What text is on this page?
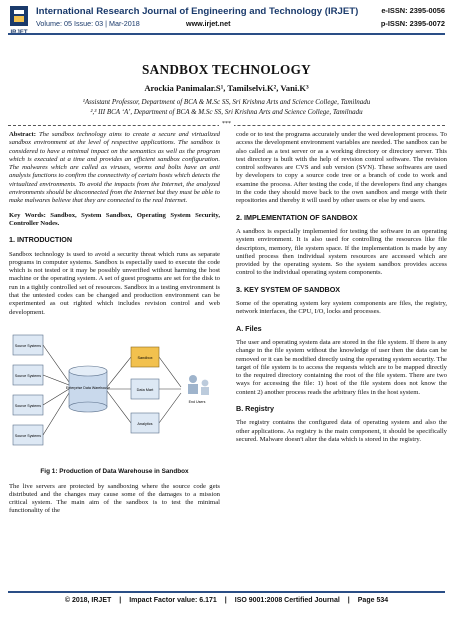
International Research Journal of Engineering and Technology (IRJET)
Volume: 05 Issue: 03 | Mar-2018	www.irjet.net
e-ISSN: 2395-0056
p-ISSN: 2395-0072
SANDBOX TECHNOLOGY
Arockia Panimalar.S¹, Tamilselvi.K², Vani.K³
¹Assistant Professor, Department of BCA & M.Sc SS, Sri Krishna Arts and Science College, Tamilnadu
²,³ III BCA ‘A’, Department of BCA & M.Sc SS, Sri Krishna Arts and Science College, Tamilnadu
***

Abstract: The sandbox technology aims to create a secure and virtualized sandbox environment at the level of respective applications. The sandbox is considered to have a minimal impact on the semantics as well as the program which is executed at a time and provides an efficient sandbox configuration. The malwares which are called as viruses, worms and bolts have an anti analysis functions to confirm the connectivity of certain hosts which detects the virtualized environments. To avoid the impacts from the Internet, the analyzed environments should be disconnected from the Internet but they must be able to make malwares believe that they are connected to the real Internet.

Key Words: Sandbox, System Sandbox, Operating System Security, Controller Nodes.

1. INTRODUCTION

Sandbox technology is used to avoid a security threat which runs as separate programs in computer systems. Sandbox is especially used to execute the code which is not tested or it may be possibly unverified without harming the host machine or the operating system. A set of guest programs are set for the disk to run in a tightly controlled set of resources. Sandbox in a testing environment is that the untested codes can be changed and production environment can be experimented as out righted which includes revision control and web development.

Source Systems
Source Systems
Source Systems
Source Systems
Enterprise Data Warehouse
Sandbox
Data Mart
Analytics
End Users
Fig 1: Production of Data Warehouse in Sandbox

The live servers are protected by sandboxing where the source code gets distributed and the changes may cause some of the damages to a mission critical system. The main aim of the sandbox is to test the minimal functionality of the

code or to test the programs accurately under the wed development process. To access the development environment variables are needed. The sandbox can be also called as a test server or as a working directory or directory server. This test directory is built with the help of revision control software. The revision control softwares are CVS and sub version (SVN). These softwares are used by developers to copy a source code tree or a branch of code to work and examine the process. After testing the code, if the developers find any changes in the code they should move back to the own sandbox and merge with their repositories and thereby it will used by other users or else by end users.

2. IMPLEMENTATION OF SANDBOX

A sandbox is especially implemented for testing the software in an operating system environment. It is also used for controlling the resources like file descriptors, memory, file system space. If the implementation is made by any unified process then individual system resources are accessed which are provided by the operating system. So the system sandbox provides access control to the individual operating system components.

3. KEY SYSTEM OF SANDBOX

Some of the operating system key system components are files, the registry, network interfaces, the CPU, I/O, locks and processes.

A. Files

The user and operating system data are stored in the file system. If there is any change in the file system without the knowledge of user then the data can be removed or it can be modified directly using the operating system security. The target of file system is to access the requests which are to be mapped directly to the required directory containing the root of the file system. There are two ways for accessing the file: 1) host of the file system does not know the content 2) another process reads the arbitrary files in the host system.

B. Registry

The registry contains the configured data of operating system and also the other applications. As registry is the main component, it should be specifically secured. Malware doesn't alter the data which is stored in the registry.

© 2018, IRJET | Impact Factor value: 6.171 | ISO 9001:2008 Certified Journal | Page 534
